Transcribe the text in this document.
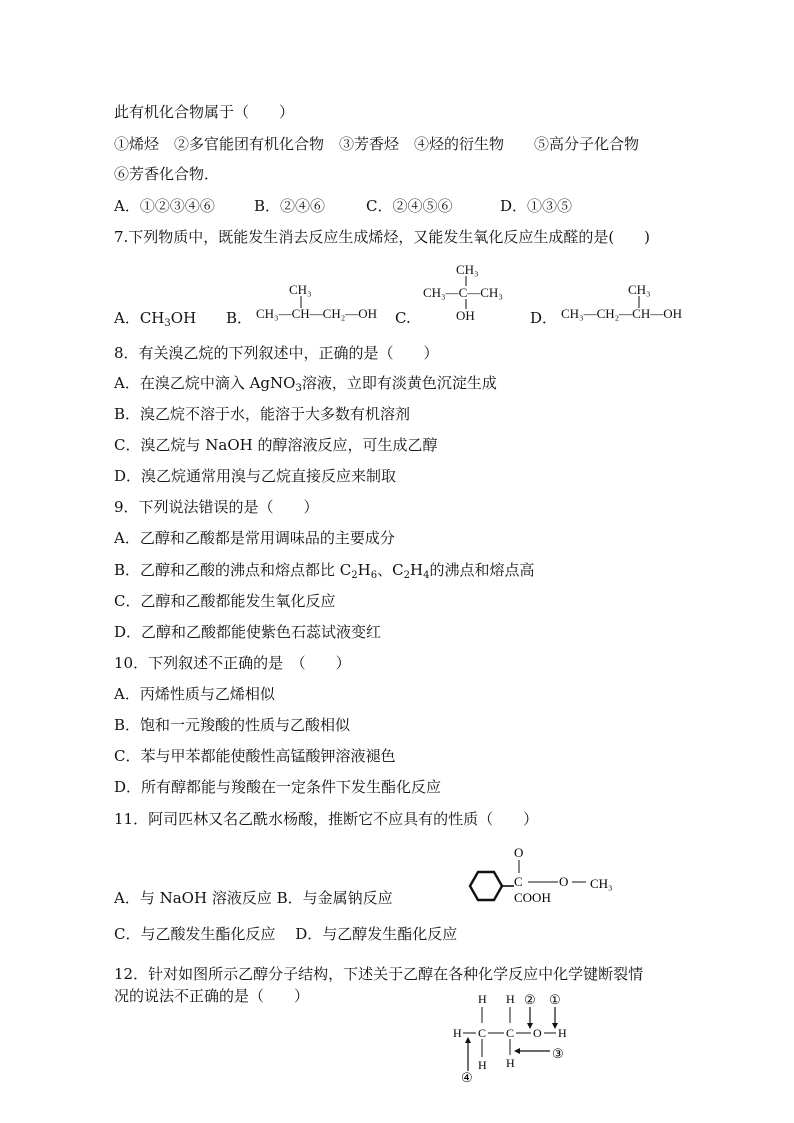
此有机化合物属于（　　）
①烯烃　②多官能团有机化合物　③芳香烃　④烃的衍生物　　⑤高分子化合物
⑥芳香化合物．
A．①②③④⑥	B．②④⑥	C．②④⑤⑥	D．①③⑤
7.下列物质中，既能发生消去反应生成烯烃，又能发生氧化反应生成醛的是(　　)
A．$CH_3OH$ B．
CH₃
CH₃—CH—CH₂—OH C.
CH₃
CH₃—C—CH₃
OH	D．
CH₃
CH₃—CH₂—CH—OH
8．有关溴乙烷的下列叙述中，正确的是（　　）
A．在溴乙烷中滴入 AgNO$_3$溶液，立即有淡黄色沉淀生成
B．溴乙烷不溶于水，能溶于大多数有机溶剂
C．溴乙烷与 NaOH 的醇溶液反应，可生成乙醇
D．溴乙烷通常用溴与乙烷直接反应来制取
9．下列说法错误的是（　　）
A．乙醇和乙酸都是常用调味品的主要成分
B．乙醇和乙酸的沸点和熔点都比 $C_2H_6$、$C_2H_4$的沸点和熔点高
C．乙醇和乙酸都能发生氧化反应
D．乙醇和乙酸都能使紫色石蕊试液变红
10．下列叙述不正确的是　（　　）
A．丙烯性质与乙烯相似
B．饱和一元羧酸的性质与乙酸相似
C．苯与甲苯都能使酸性高锰酸钾溶液褪色
D．所有醇都能与羧酸在一定条件下发生酯化反应
11．阿司匹林又名乙酰水杨酸，推断它不应具有的性质（　　）
A．与 NaOH 溶液反应 B．与金属钠反应
C．与乙酸发生酯化反应　 D．与乙醇发生酯化反应
O
C	O CH₃
COOH
12．针对如图所示乙醇分子结构，下述关于乙醇在各种化学反应中化学键断裂情
况的说法不正确的是（　　）	H H
H C C O H
H H
② ①
③
④
